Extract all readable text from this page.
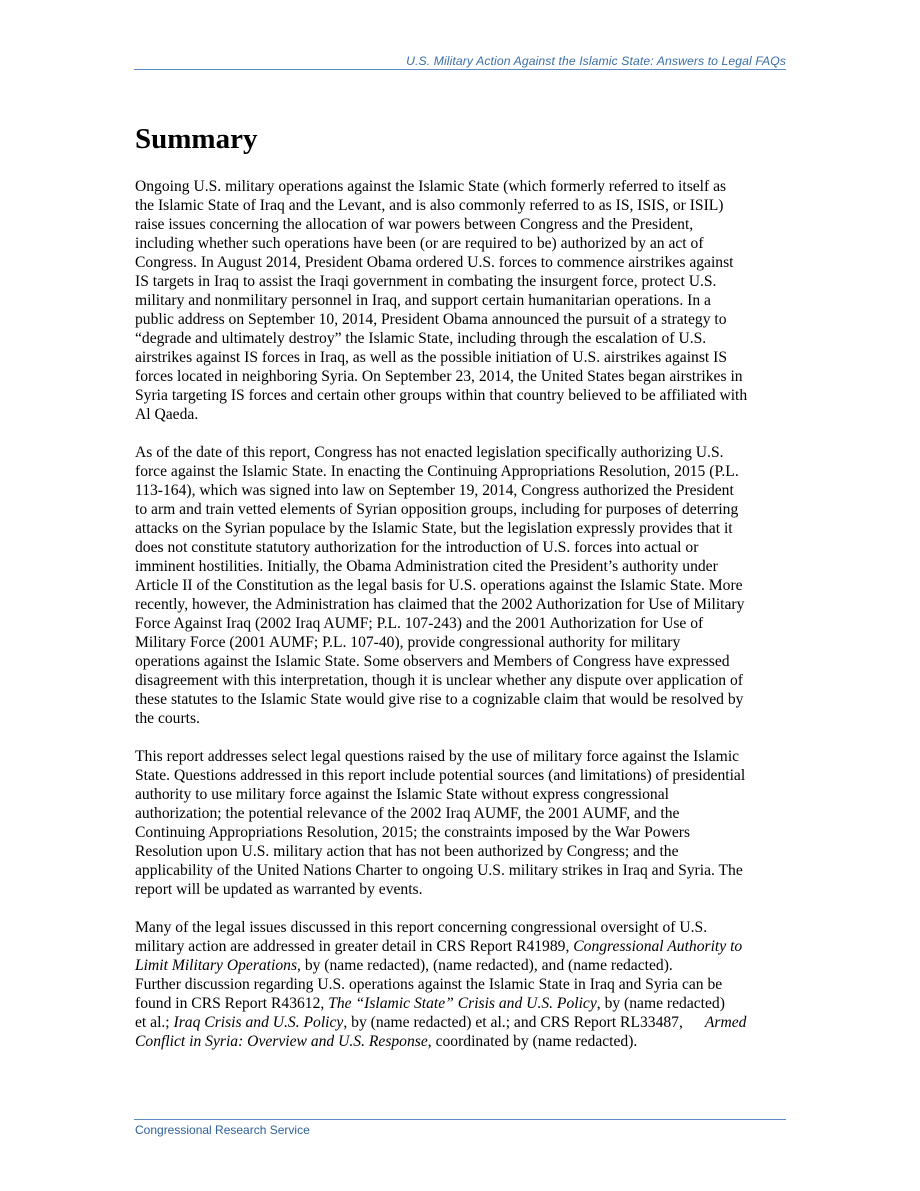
U.S. Military Action Against the Islamic State: Answers to Legal FAQs
Summary

Ongoing U.S. military operations against the Islamic State (which formerly referred to itself as
the Islamic State of Iraq and the Levant, and is also commonly referred to as IS, ISIS, or ISIL)
raise issues concerning the allocation of war powers between Congress and the President,
including whether such operations have been (or are required to be) authorized by an act of
Congress. In August 2014, President Obama ordered U.S. forces to commence airstrikes against
IS targets in Iraq to assist the Iraqi government in combating the insurgent force, protect U.S.
military and nonmilitary personnel in Iraq, and support certain humanitarian operations. In a
public address on September 10, 2014, President Obama announced the pursuit of a strategy to
“degrade and ultimately destroy” the Islamic State, including through the escalation of U.S.
airstrikes against IS forces in Iraq, as well as the possible initiation of U.S. airstrikes against IS
forces located in neighboring Syria. On September 23, 2014, the United States began airstrikes in
Syria targeting IS forces and certain other groups within that country believed to be affiliated with
Al Qaeda.

As of the date of this report, Congress has not enacted legislation specifically authorizing U.S.
force against the Islamic State. In enacting the Continuing Appropriations Resolution, 2015 (P.L.
113-164), which was signed into law on September 19, 2014, Congress authorized the President
to arm and train vetted elements of Syrian opposition groups, including for purposes of deterring
attacks on the Syrian populace by the Islamic State, but the legislation expressly provides that it
does not constitute statutory authorization for the introduction of U.S. forces into actual or
imminent hostilities. Initially, the Obama Administration cited the President’s authority under
Article II of the Constitution as the legal basis for U.S. operations against the Islamic State. More
recently, however, the Administration has claimed that the 2002 Authorization for Use of Military
Force Against Iraq (2002 Iraq AUMF; P.L. 107-243) and the 2001 Authorization for Use of
Military Force (2001 AUMF; P.L. 107-40), provide congressional authority for military
operations against the Islamic State. Some observers and Members of Congress have expressed
disagreement with this interpretation, though it is unclear whether any dispute over application of
these statutes to the Islamic State would give rise to a cognizable claim that would be resolved by
the courts.

This report addresses select legal questions raised by the use of military force against the Islamic
State. Questions addressed in this report include potential sources (and limitations) of presidential
authority to use military force against the Islamic State without express congressional
authorization; the potential relevance of the 2002 Iraq AUMF, the 2001 AUMF, and the
Continuing Appropriations Resolution, 2015; the constraints imposed by the War Powers
Resolution upon U.S. military action that has not been authorized by Congress; and the
applicability of the United Nations Charter to ongoing U.S. military strikes in Iraq and Syria. The
report will be updated as warranted by events.

Many of the legal issues discussed in this report concerning congressional oversight of U.S.
military action are addressed in greater detail in CRS Report R41989, Congressional Authority to
Limit Military Operations, by (name redacted), (name redacted), and (name redacted).
Further discussion regarding U.S. operations against the Islamic State in Iraq and Syria can be
found in CRS Report R43612, The “Islamic State” Crisis and U.S. Policy, by (name redacted)
et al.; Iraq Crisis and U.S. Policy, by (name redacted) et al.; and CRS Report RL33487, Armed
Conflict in Syria: Overview and U.S. Response, coordinated by (name redacted).

Congressional Research Service
